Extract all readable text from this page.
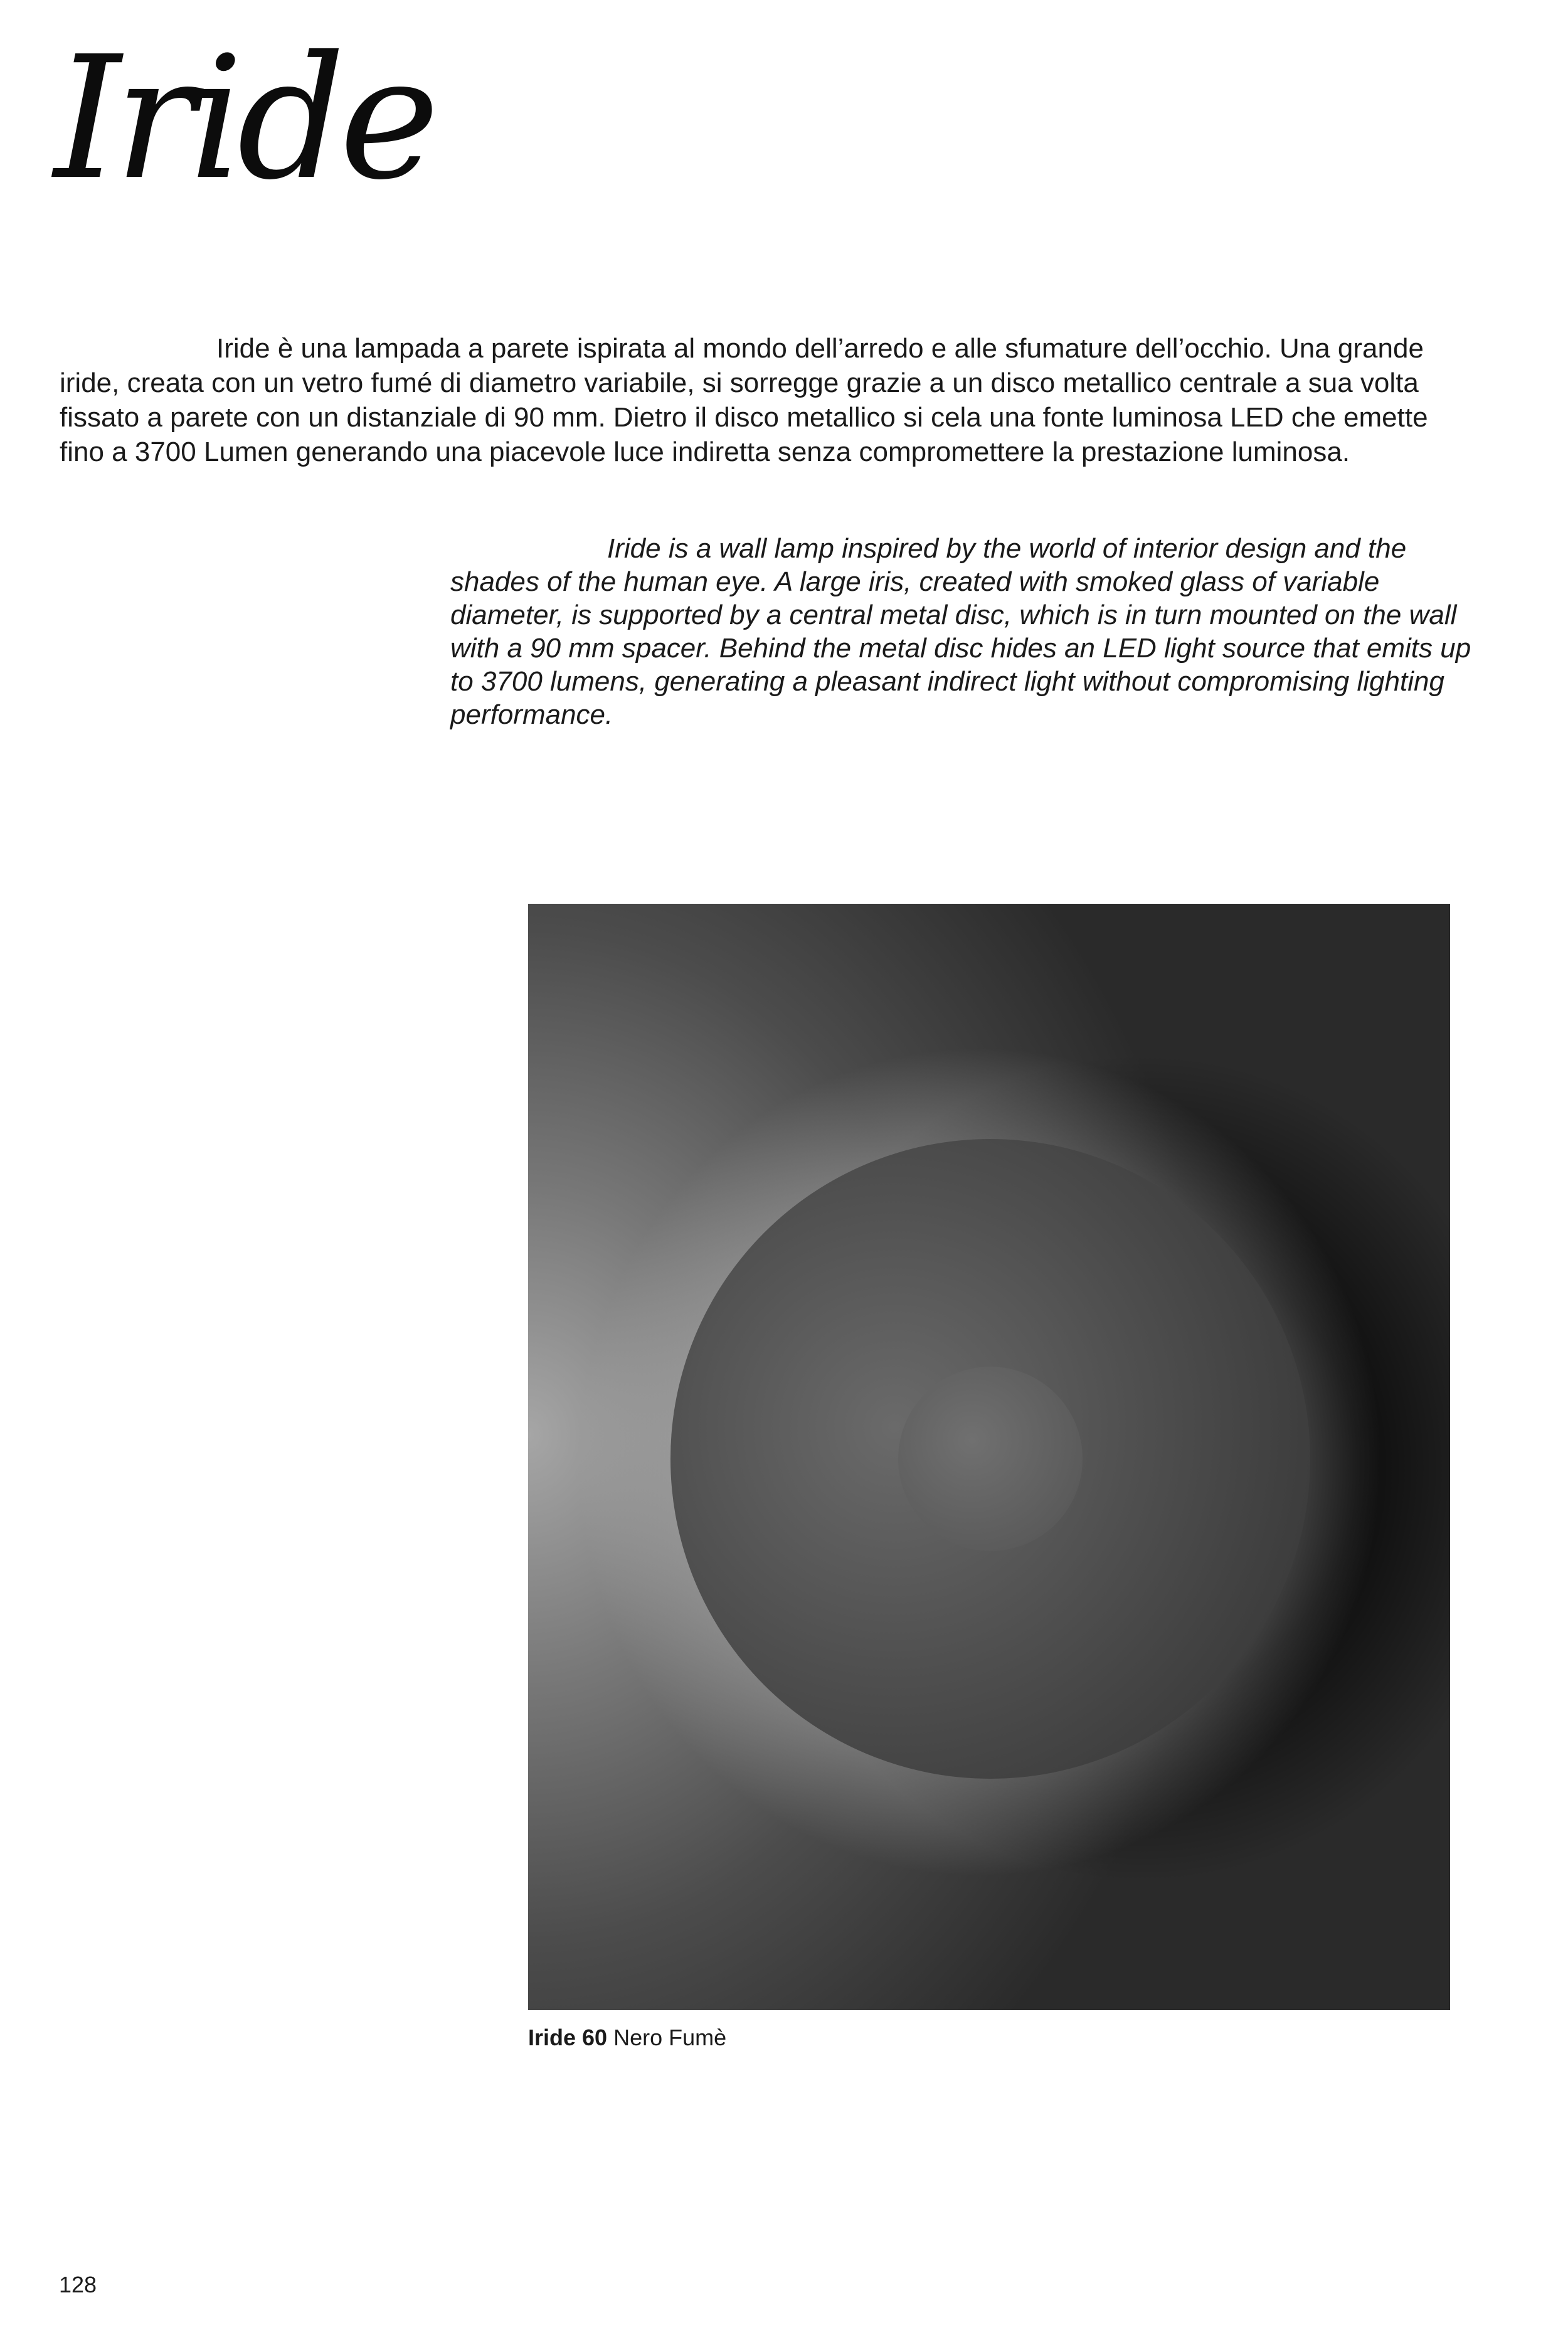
Iride

Iride è una lampada a parete ispirata al mondo dell’arredo e alle sfumature dell’occhio. Una grande iride, creata con un vetro fumé di diametro variabile, si sorregge grazie a un disco metallico centrale a sua volta fissato a parete con un distanziale di 90 mm. Dietro il disco metallico si cela una fonte luminosa LED che emette fino a 3700 Lumen generando una piacevole luce indiretta senza compromettere la prestazione luminosa.

Iride is a wall lamp inspired by the world of interior design and the shades of the human eye. A large iris, created with smoked glass of variable diameter, is supported by a central metal disc, which is in turn mounted on the wall with a 90 mm spacer. Behind the metal disc hides an LED light source that emits up to 3700 lumens, generating a pleasant indirect light without compromising lighting performance.

Iride 60 Nero Fumè

128
